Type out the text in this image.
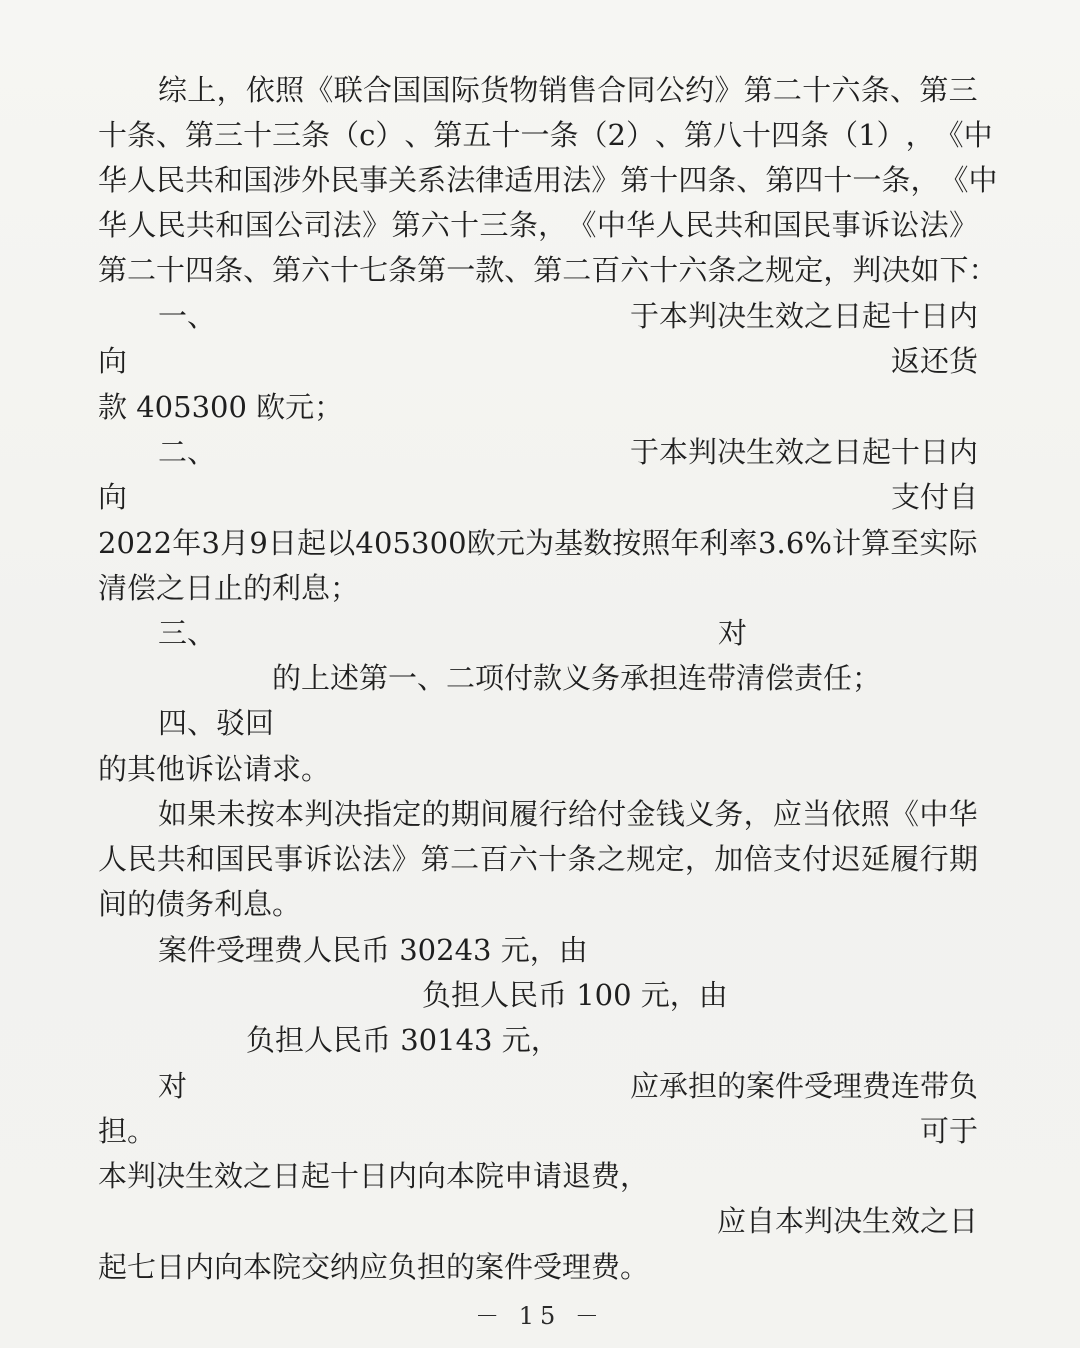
综 上 ， 依 照 《 联 合 国 国 际 货 物 销 售 合 同 公 约 》 第 二 十 六 条 、 第 三
十 条 、 第 三 十 三 条 （ c ） 、 第 五 十 一 条 （ 2 ） 、 第 八 十 四 条 （ 1 ） ， 《 中
华 人 民 共 和 国 涉 外 民 事 关 系 法 律 适 用 法 》 第 十 四 条 、 第 四 十 一 条 ， 《 中
华 人 民 共 和 国 公 司 法 》 第 六 十 三 条 ， 《 中 华 人 民 共 和 国 民 事 诉 讼 法 》
第 二 十 四 条 、 第 六 十 七 条 第 一 款 、 第 二 百 六 十 六 条 之 规 定 ， 判 决 如 下 ：
一、	于本判决生效之日起十日内
向	返还货
款 405300 欧元；
二、	于本判决生效之日起十日内
向	支付自
2 0 2 2 年 3 月 9 日 起 以 4 0 5 3 0 0 欧 元 为 基 数 按 照 年 利 率 3 . 6 % 计 算 至 实 际
清偿之日止的利息；
三、	对
的上述第一、二项付款义务承担连带清偿责任；
四、驳回
的其他诉讼请求。
如 果 未 按 本 判 决 指 定 的 期 间 履 行 给 付 金 钱 义 务 ， 应 当 依 照 《 中 华
人 民 共 和 国 民 事 诉 讼 法 》 第 二 百 六 十 条 之 规 定 ， 加 倍 支 付 迟 延 履 行 期
间的债务利息。
案件受理费人民币 30243 元，由
负担人民币 100 元，由
负担人民币 30143 元，
对	应承担的案件受理费连带负
担。	可于
本判决生效之日起十日内向本院申请退费，
应自本判决生效之日
起七日内向本院交纳应负担的案件受理费。
－ 15 －
